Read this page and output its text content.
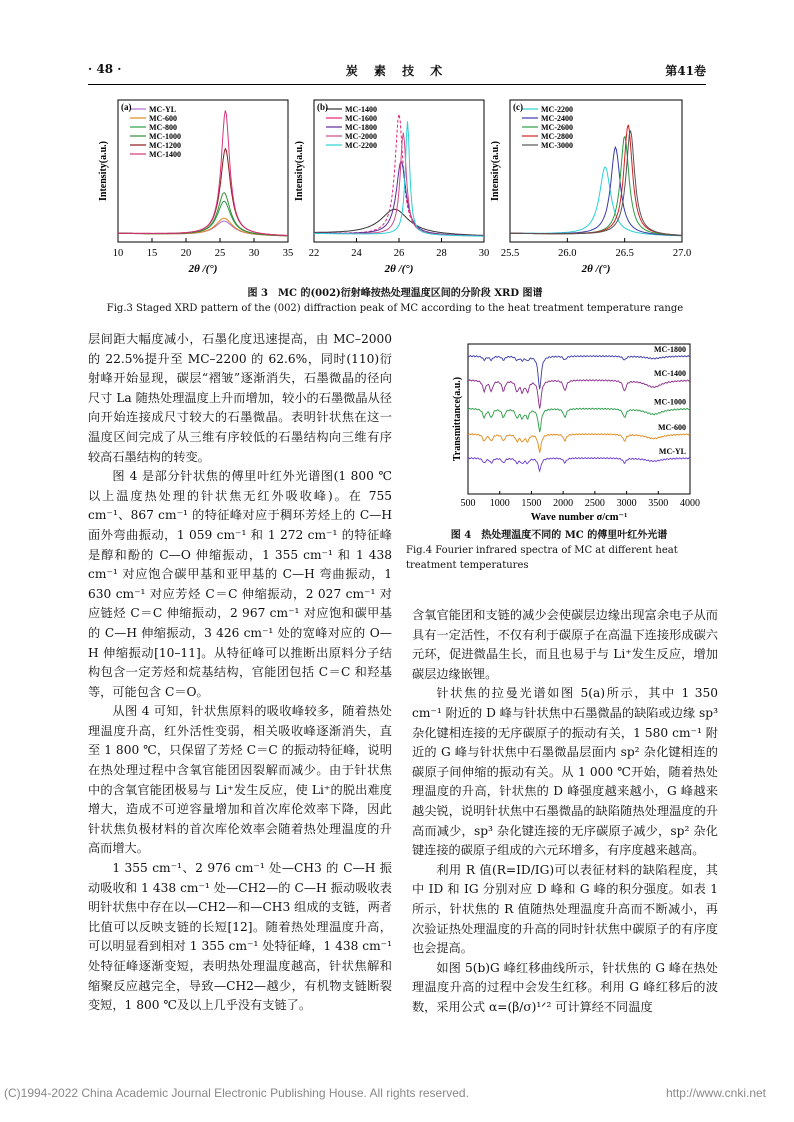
· 48 ·	炭 素 技 术	第41卷
10 15 20 25 30 35
MC-YL
MC-600
MC-800
MC-1000
MC-1200
MC-1400
(a)
Intensity(a.u.)
2θ /(°)
22	24	26	28	30
MC-1400
MC-1600
MC-1800
MC-2000
MC-2200
(b)
Intensity(a.u.)
2θ /(°)
25.5	26.0	26.5	27.0
MC-2200
MC-2400
MC-2600
MC-2800
MC-3000
(c)
Intensity(a.u.)
2θ /(°)
图 3　MC 的(002)衍射峰按热处理温度区间的分阶段 XRD 图谱
Fig.3 Staged XRD pattern of the (002) diffraction peak of MC according to the heat treatment temperature range

层间距大幅度减小，石墨化度迅速提高，由 MC–2000 的 22.5%提升至 MC–2200 的 62.6%，同时(110)衍射峰开始显现，碳层“褶皱”逐渐消失，石墨微晶的径向尺寸 La 随热处理温度上升而增加，较小的石墨微晶从径向开始连接成尺寸较大的石墨微晶。表明针状焦在这一温度区间完成了从三维有序较低的石墨结构向三维有序较高石墨结构的转变。

图 4 是部分针状焦的傅里叶红外光谱图(1 800 ℃以上温度热处理的针状焦无红外吸收峰)。在 755 cm⁻¹、867 cm⁻¹ 的特征峰对应于稠环芳烃上的 C—H 面外弯曲振动，1 059 cm⁻¹ 和 1 272 cm⁻¹ 的特征峰是醇和酚的 C—O 伸缩振动，1 355 cm⁻¹ 和 1 438 cm⁻¹ 对应饱合碳甲基和亚甲基的 C—H 弯曲振动，1 630 cm⁻¹ 对应芳烃 C＝C 伸缩振动，2 027 cm⁻¹ 对应链烃 C＝C 伸缩振动，2 967 cm⁻¹ 对应饱和碳甲基的 C—H 伸缩振动，3 426 cm⁻¹ 处的宽峰对应的 O—H 伸缩振动[10–11]。从特征峰可以推断出原料分子结构包含一定芳烃和烷基结构，官能团包括 C＝C 和羟基等，可能包含 C＝O。

从图 4 可知，针状焦原料的吸收峰较多，随着热处理温度升高，红外活性变弱，相关吸收峰逐渐消失，直至 1 800 ℃，只保留了芳烃 C＝C 的振动特征峰，说明在热处理过程中含氧官能团因裂解而减少。由于针状焦中的含氧官能团极易与 Li⁺发生反应，使 Li⁺的脱出难度增大，造成不可逆容量增加和首次库伦效率下降，因此针状焦负极材料的首次库伦效率会随着热处理温度的升高而增大。

1 355 cm⁻¹、2 976 cm⁻¹ 处—CH3 的 C—H 振动吸收和 1 438 cm⁻¹ 处—CH2—的 C—H 振动吸收表明针状焦中存在以—CH2—和—CH3 组成的支链，两者比值可以反映支链的长短[12]。随着热处理温度升高，可以明显看到相对 1 355 cm⁻¹ 处特征峰，1 438 cm⁻¹ 处特征峰逐渐变短，表明热处理温度越高，针状焦解和缩聚反应越完全，导致—CH2—越少，有机物支链断裂变短，1 800 ℃及以上几乎没有支链了。

500 1000 1500 2000 2500 3000 3500 4000
MC-1800
MC-1400
MC-1000
MC-600
MC-YL
Transmittance(a.u.)
Wave number σ/cm⁻¹
图 4　热处理温度不同的 MC 的傅里叶红外光谱
Fig.4 Fourier infrared spectra of MC at different heat treatment temperatures

含氧官能团和支链的减少会使碳层边缘出现富余电子从而具有一定活性，不仅有利于碳原子在高温下连接形成碳六元环，促进微晶生长，而且也易于与 Li⁺发生反应，增加碳层边缘嵌锂。

针状焦的拉曼光谱如图 5(a)所示，其中 1 350 cm⁻¹ 附近的 D 峰与针状焦中石墨微晶的缺陷或边缘 sp³ 杂化键相连接的无序碳原子的振动有关，1 580 cm⁻¹ 附近的 G 峰与针状焦中石墨微晶层面内 sp² 杂化键相连的碳原子间伸缩的振动有关。从 1 000 ℃开始，随着热处理温度的升高，针状焦的 D 峰强度越来越小，G 峰越来越尖锐，说明针状焦中石墨微晶的缺陷随热处理温度的升高而减少，sp³ 杂化键连接的无序碳原子减少，sp² 杂化键连接的碳原子组成的六元环增多，有序度越来越高。

利用 R 值(R=ID/IG)可以表征材料的缺陷程度，其中 ID 和 IG 分别对应 D 峰和 G 峰的积分强度。如表 1 所示，针状焦的 R 值随热处理温度升高而不断减小，再次验证热处理温度的升高的同时针状焦中碳原子的有序度也会提高。

如图 5(b)G 峰红移曲线所示，针状焦的 G 峰在热处理温度升高的过程中会发生红移。利用 G 峰红移后的波数，采用公式 α=(β/σ)¹ᐟ² 可计算经不同温度

(C)1994-2022 China Academic Journal Electronic Publishing House. All rights reserved.	http://www.cnki.net
